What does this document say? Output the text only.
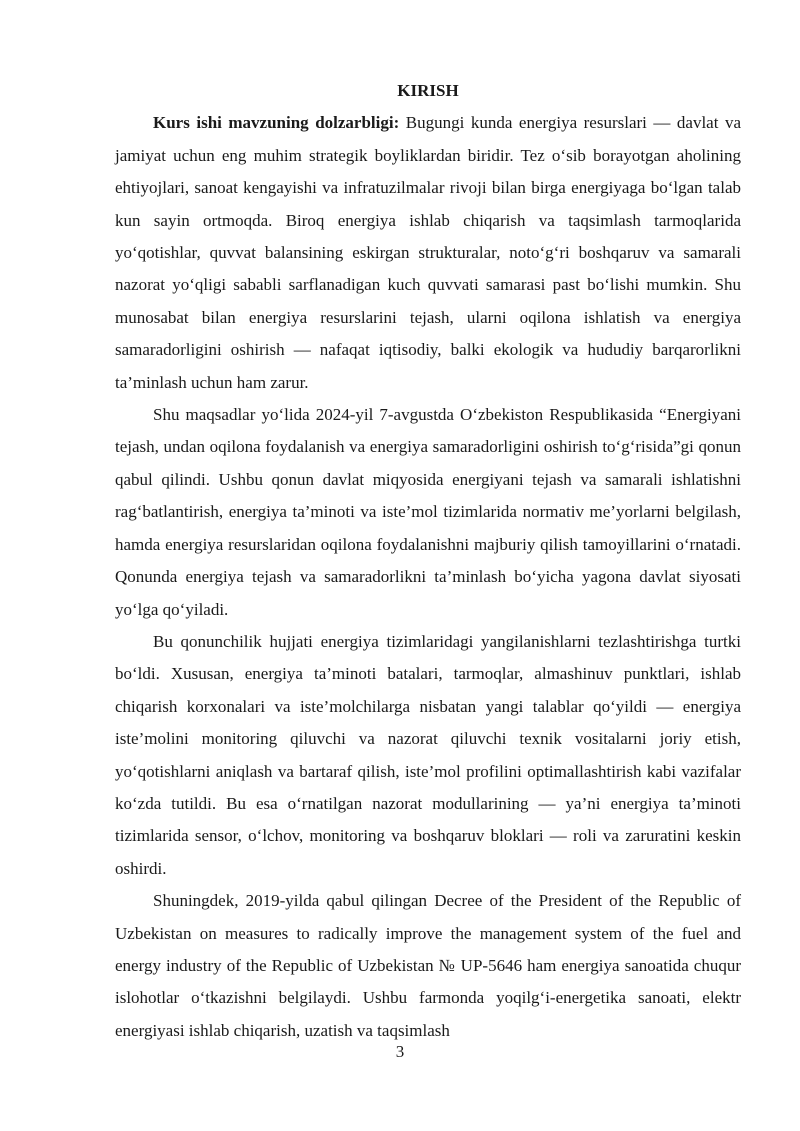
KIRISH

Kurs ishi mavzuning dolzarbligi: Bugungi kunda energiya resurslari — davlat va jamiyat uchun eng muhim strategik boyliklardan biridir. Tez o‘sib borayotgan aholining ehtiyojlari, sanoat kengayishi va infratuzilmalar rivoji bilan birga energiyaga bo‘lgan talab kun sayin ortmoqda. Biroq energiya ishlab chiqarish va taqsimlash tarmoqlarida yo‘qotishlar, quvvat balansining eskirgan strukturalar, noto‘g‘ri boshqaruv va samarali nazorat yo‘qligi sababli sarflanadigan kuch quvvati samarasi past bo‘lishi mumkin. Shu munosabat bilan energiya resurslarini tejash, ularni oqilona ishlatish va energiya samaradorligini oshirish — nafaqat iqtisodiy, balki ekologik va hududiy barqarorlikni ta’minlash uchun ham zarur.

Shu maqsadlar yo‘lida 2024-yil 7-avgustda O‘zbekiston Respublikasida “Energiyani tejash, undan oqilona foydalanish va energiya samaradorligini oshirish to‘g‘risida”gi qonun qabul qilindi. Ushbu qonun davlat miqyosida energiyani tejash va samarali ishlatishni rag‘batlantirish, energiya ta’minoti va iste’mol tizimlarida normativ me’yorlarni belgilash, hamda energiya resurslaridan oqilona foydalanishni majburiy qilish tamoyillarini o‘rnatadi. Qonunda energiya tejash va samaradorlikni ta’minlash bo‘yicha yagona davlat siyosati yo‘lga qo‘yiladi.

Bu qonunchilik hujjati energiya tizimlaridagi yangilanishlarni tezlashtirishga turtki bo‘ldi. Xususan, energiya ta’minoti batalari, tarmoqlar, almashinuv punktlari, ishlab chiqarish korxonalari va iste’molchilarga nisbatan yangi talablar qo‘yildi — energiya iste’molini monitoring qiluvchi va nazorat qiluvchi texnik vositalarni joriy etish, yo‘qotishlarni aniqlash va bartaraf qilish, iste’mol profilini optimallashtirish kabi vazifalar ko‘zda tutildi. Bu esa o‘rnatilgan nazorat modullarining — ya’ni energiya ta’minoti tizimlarida sensor, o‘lchov, monitoring va boshqaruv bloklari — roli va zaruratini keskin oshirdi.

Shuningdek, 2019-yilda qabul qilingan Decree of the President of the Republic of Uzbekistan on measures to radically improve the management system of the fuel and energy industry of the Republic of Uzbekistan № UP-5646 ham energiya sanoatida chuqur islohotlar o‘tkazishni belgilaydi. Ushbu farmonda yoqilg‘i-energetika sanoati, elektr energiyasi ishlab chiqarish, uzatish va taqsimlash

3
